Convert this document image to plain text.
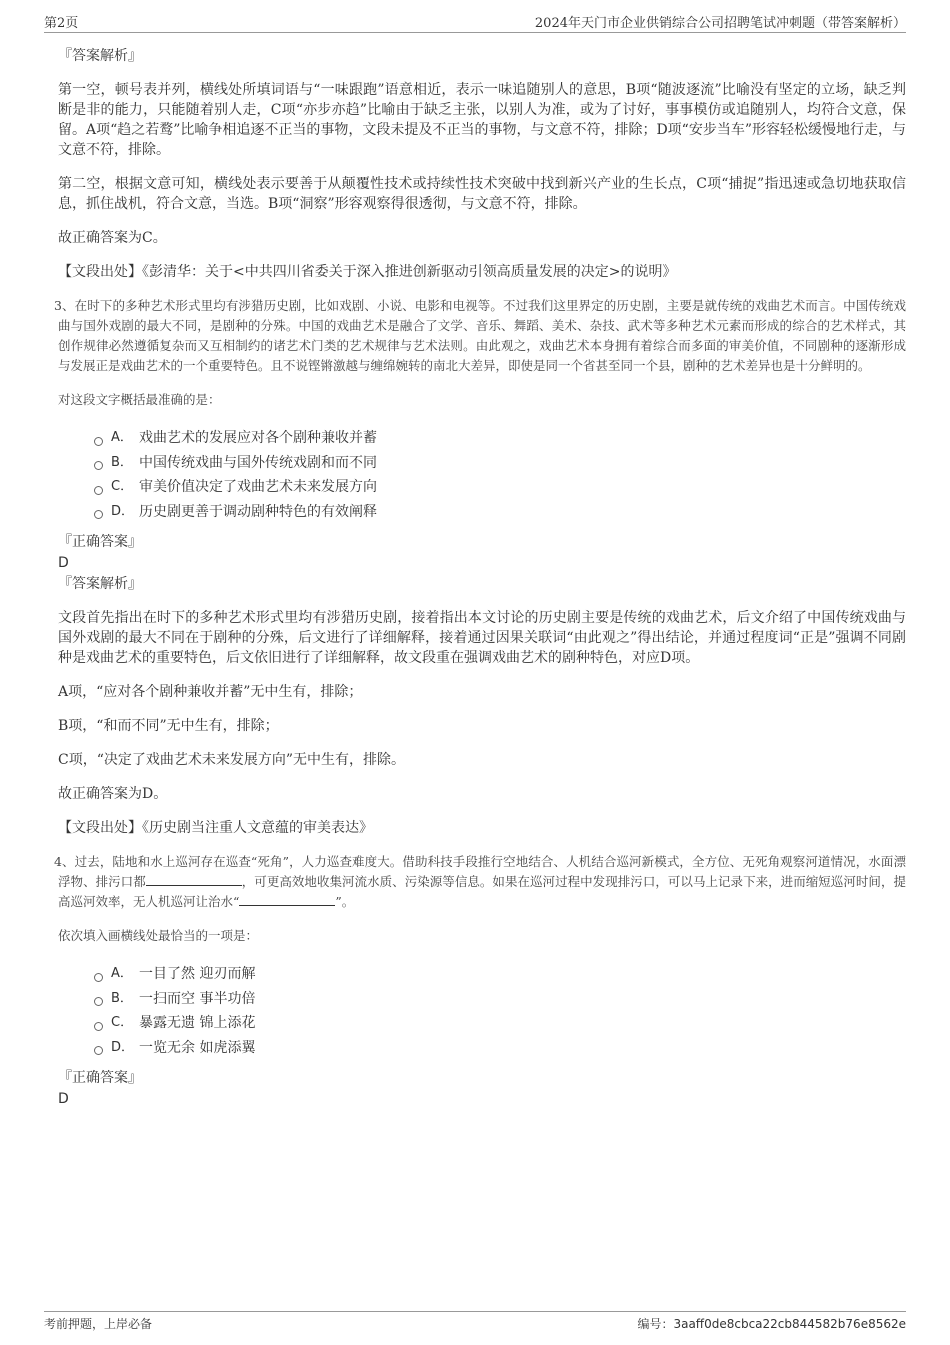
第2页	2024年天门市企业供销综合公司招聘笔试冲刺题（带答案解析）
『答案解析』

第一空，顿号表并列，横线处所填词语与“一味跟跑”语意相近，表示一味追随别人的意思，B项“随波逐流”比喻没有坚定的立场，缺乏判断是非的能力，只能随着别人走，C项“亦步亦趋”比喻由于缺乏主张，以别人为准，或为了讨好，事事模仿或追随别人，均符合文意，保留。A项“趋之若鹜”比喻争相追逐不正当的事物，文段未提及不正当的事物，与文意不符，排除；D项“安步当车”形容轻松缓慢地行走，与文意不符，排除。

第二空，根据文意可知，横线处表示要善于从颠覆性技术或持续性技术突破中找到新兴产业的生长点，C项“捕捉”指迅速或急切地获取信息，抓住战机，符合文意，当选。B项“洞察”形容观察得很透彻，与文意不符，排除。

故正确答案为C。

【文段出处】《彭清华：关于<中共四川省委关于深入推进创新驱动引领高质量发展的决定>的说明》

3、在时下的多种艺术形式里均有涉猎历史剧，比如戏剧、小说、电影和电视等。不过我们这里界定的历史剧，主要是就传统的戏曲艺术而言。中国传统戏曲与国外戏剧的最大不同，是剧种的分殊。中国的戏曲艺术是融合了文学、音乐、舞蹈、美术、杂技、武术等多种艺术元素而形成的综合的艺术样式，其创作规律必然遵循复杂而又互相制约的诸艺术门类的艺术规律与艺术法则。由此观之，戏曲艺术本身拥有着综合而多面的审美价值，不同剧种的逐渐形成与发展正是戏曲艺术的一个重要特色。且不说铿锵激越与缠绵婉转的南北大差异，即使是同一个省甚至同一个县，剧种的艺术差异也是十分鲜明的。

对这段文字概括最准确的是：

A． 戏曲艺术的发展应对各个剧种兼收并蓄
B． 中国传统戏曲与国外传统戏剧和而不同
C． 审美价值决定了戏曲艺术未来发展方向
D． 历史剧更善于调动剧种特色的有效阐释
『正确答案』
D
『答案解析』

文段首先指出在时下的多种艺术形式里均有涉猎历史剧，接着指出本文讨论的历史剧主要是传统的戏曲艺术，后文介绍了中国传统戏曲与国外戏剧的最大不同在于剧种的分殊，后文进行了详细解释，接着通过因果关联词“由此观之”得出结论，并通过程度词“正是”强调不同剧种是戏曲艺术的重要特色，后文依旧进行了详细解释，故文段重在强调戏曲艺术的剧种特色，对应D项。

A项，“应对各个剧种兼收并蓄”无中生有，排除；

B项，“和而不同”无中生有，排除；

C项，“决定了戏曲艺术未来发展方向”无中生有，排除。

故正确答案为D。

【文段出处】《历史剧当注重人文意蕴的审美表达》

4、过去，陆地和水上巡河存在巡查“死角”，人力巡查难度大。借助科技手段推行空地结合、人机结合巡河新模式，全方位、无死角观察河道情况，水面漂浮物、排污口都	，可更高效地收集河流水质、污染源等信息。如果在巡河过程中发现排污口，可以马上记录下来，进而缩短巡河时间，提高巡河效率，无人机巡河让治水“	”。

依次填入画横线处最恰当的一项是：

A． 一目了然 迎刃而解
B． 一扫而空 事半功倍
C． 暴露无遗 锦上添花
D． 一览无余 如虎添翼
『正确答案』
D
考前押题，上岸必备	编号：3aaff0de8cbca22cb844582b76e8562e
